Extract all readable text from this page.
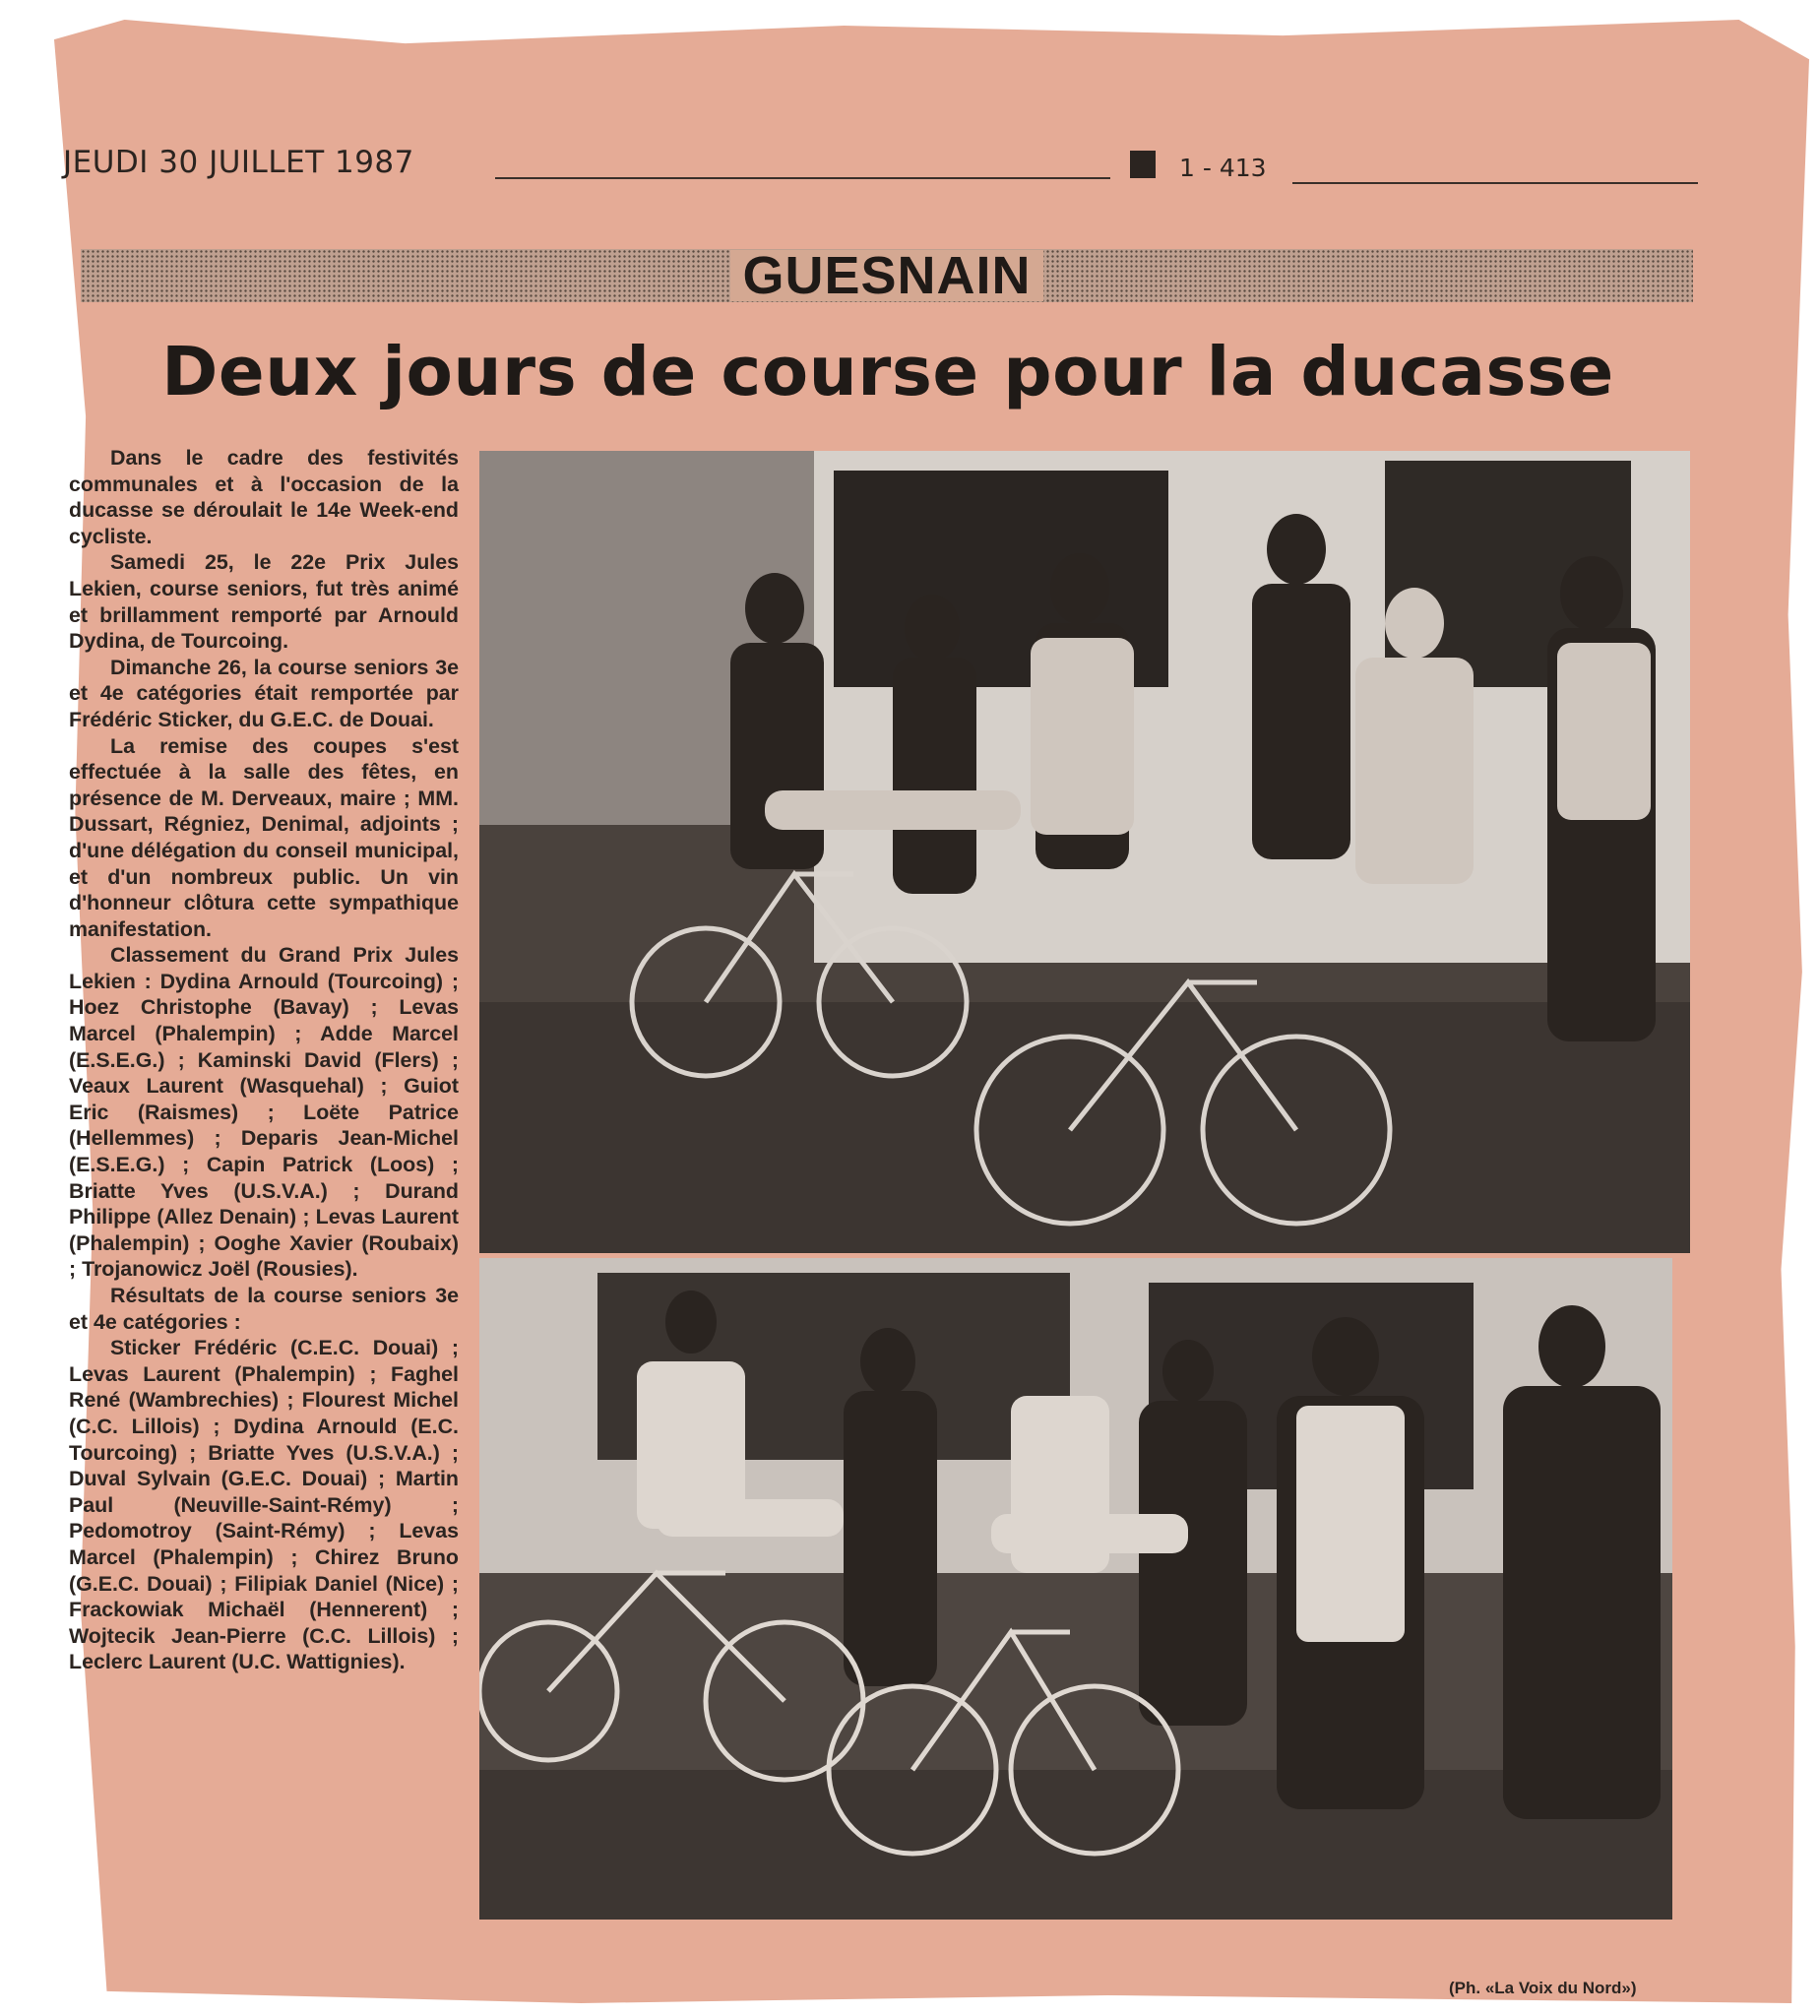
JEUDI 30 JUILLET 1987	1 - 413
GUESNAIN
Deux jours de course pour la ducasse

Dans le cadre des festivités communales et à l'occasion de la ducasse se déroulait le 14e Week-end cycliste.

Samedi 25, le 22e Prix Jules Lekien, course seniors, fut très animé et brillamment remporté par Arnould Dydina, de Tourcoing.

Dimanche 26, la course seniors 3e et 4e catégories était remportée par Frédéric Sticker, du G.E.C. de Douai.

La remise des coupes s'est effectuée à la salle des fêtes, en présence de M. Derveaux, maire ; MM. Dussart, Régniez, Denimal, adjoints ; d'une délégation du conseil municipal, et d'un nombreux public. Un vin d'honneur clôtura cette sympathique manifestation.

Classement du Grand Prix Jules Lekien : Dydina Arnould (Tourcoing) ; Hoez Christophe (Bavay) ; Levas Marcel (Phalempin) ; Adde Marcel (E.S.E.G.) ; Kaminski David (Flers) ; Veaux Laurent (Wasquehal) ; Guiot Eric (Raismes) ; Loëte Patrice (Hellemmes) ; Deparis Jean-Michel (E.S.E.G.) ; Capin Patrick (Loos) ; Briatte Yves (U.S.V.A.) ; Durand Philippe (Allez Denain) ; Levas Laurent (Phalempin) ; Ooghe Xavier (Roubaix) ; Trojanowicz Joël (Rousies).

Résultats de la course seniors 3e et 4e catégories :

Sticker Frédéric (C.E.C. Douai) ; Levas Laurent (Phalempin) ; Faghel René (Wambrechies) ; Flourest Michel (C.C. Lillois) ; Dydina Arnould (E.C. Tourcoing) ; Briatte Yves (U.S.V.A.) ; Duval Sylvain (G.E.C. Douai) ; Martin Paul (Neuville-Saint-Rémy) ; Pedomotroy (Saint-Rémy) ; Levas Marcel (Phalempin) ; Chirez Bruno (G.E.C. Douai) ; Filipiak Daniel (Nice) ; Frackowiak Michaël (Hennerent) ; Wojtecik Jean-Pierre (C.C. Lillois) ; Leclerc Laurent (U.C. Wattignies).

(Ph. «La Voix du Nord»)
